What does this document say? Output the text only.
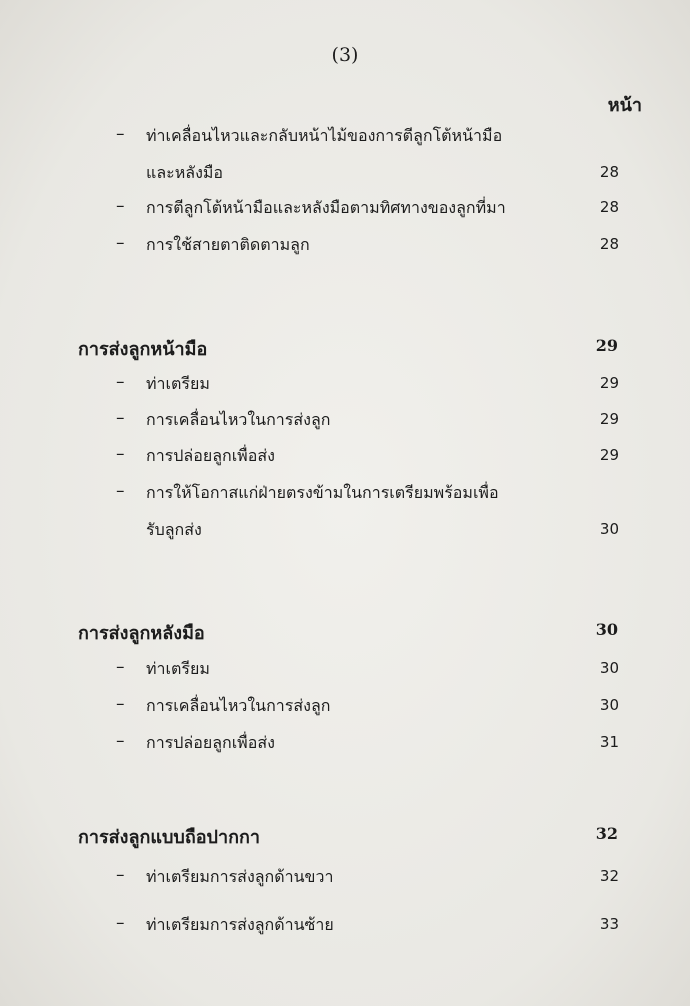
(3)
หน้า
– ท่าเคลื่อนไหวและกลับหน้าไม้ของการตีลูกโต้หน้ามือ
และหลังมือ	28
– การตีลูกโต้หน้ามือและหลังมือตามทิศทางของลูกที่มา	28
– การใช้สายตาติดตามลูก	28
การส่งลูกหน้ามือ	29
– ท่าเตรียม	29
– การเคลื่อนไหวในการส่งลูก	29
– การปล่อยลูกเพื่อส่ง	29
– การให้โอกาสแก่ฝ่ายตรงข้ามในการเตรียมพร้อมเพื่อ
รับลูกส่ง	30
การส่งลูกหลังมือ	30
– ท่าเตรียม	30
– การเคลื่อนไหวในการส่งลูก	30
– การปล่อยลูกเพื่อส่ง	31
การส่งลูกแบบถือปากกา	32
– ท่าเตรียมการส่งลูกด้านขวา	32
– ท่าเตรียมการส่งลูกด้านซ้าย	33
